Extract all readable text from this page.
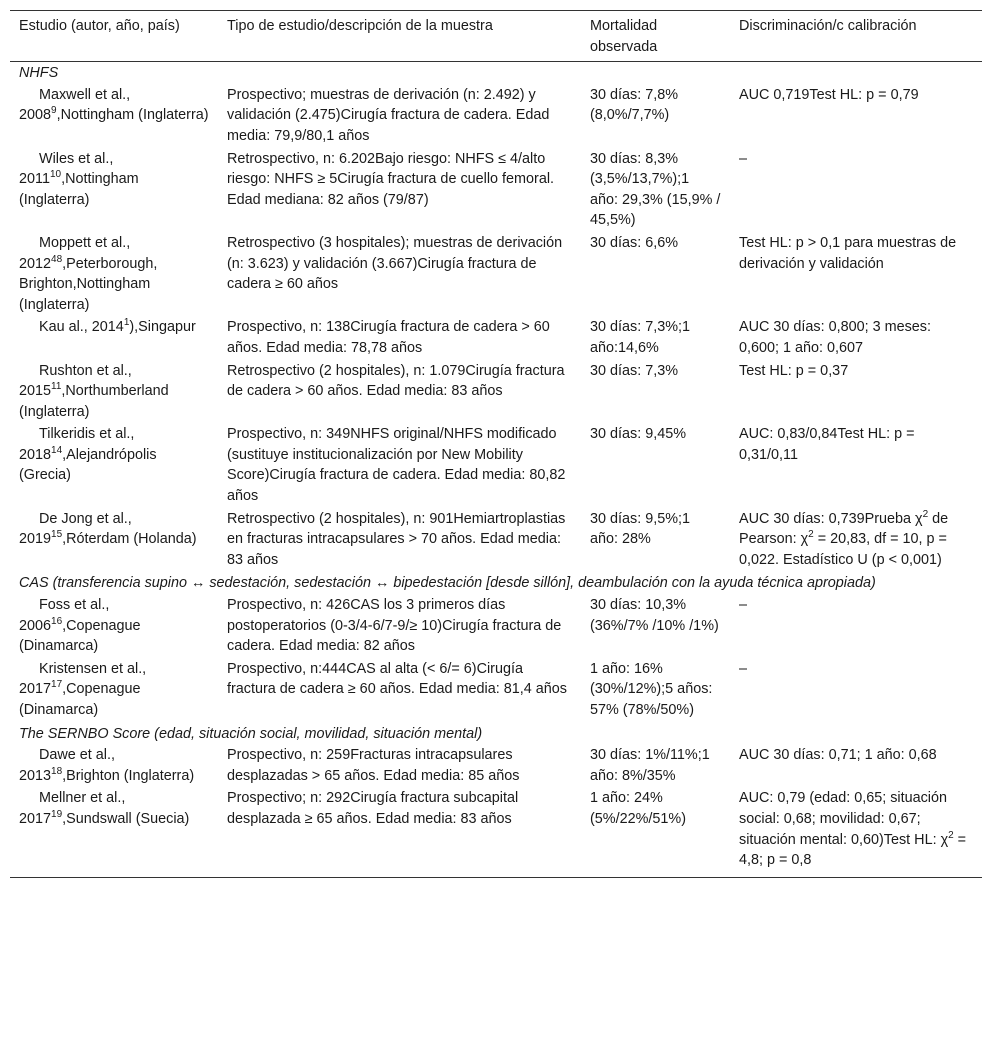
Estudio (autor, año, país)	Tipo de estudio/descripción de la muestra	Mortalidad observada	Discriminación/c calibración
NHFS			
Maxwell et al., 2008$^9$,Nottingham (Inglaterra)	Prospectivo; muestras de derivación (n: 2.492) y validación (2.475)Cirugía fractura de cadera. Edad media: 79,9/80,1 años	30 días: 7,8% (8,0%/7,7%)	AUC 0,719Test HL: p = 0,79
Wiles et al., 2011$^{10}$,Nottingham (Inglaterra)	Retrospectivo, n: 6.202Bajo riesgo: NHFS ≤ 4/alto riesgo: NHFS ≥ 5Cirugía fractura de cuello femoral. Edad mediana: 82 años (79/87)	30 días: 8,3% (3,5%/13,7%);1 año: 29,3% (15,9% / 45,5%)	–
Moppett et al., 2012$^{48}$,Peterborough, Brighton,Nottingham (Inglaterra)	Retrospectivo (3 hospitales); muestras de derivación (n: 3.623) y validación (3.667)Cirugía fractura de cadera ≥ 60 años	30 días: 6,6%	Test HL: p > 0,1 para muestras de derivación y validación
Kau al., 2014$^1$),Singapur	Prospectivo, n: 138Cirugía fractura de cadera > 60 años. Edad media: 78,78 años	30 días: 7,3%;1 año:14,6%	AUC 30 días: 0,800; 3 meses: 0,600; 1 año: 0,607
Rushton et al., 2015$^{11}$,Northumberland (Inglaterra)	Retrospectivo (2 hospitales), n: 1.079Cirugía fractura de cadera > 60 años. Edad media: 83 años	30 días: 7,3%	Test HL: p = 0,37
Tilkeridis et al., 2018$^{14}$,Alejandrópolis (Grecia)	Prospectivo, n: 349NHFS original/NHFS modificado (sustituye institucionalización por New Mobility Score)Cirugía fractura de cadera. Edad media: 80,82 años	30 días: 9,45%	AUC: 0,83/0,84Test HL: p = 0,31/0,11
De Jong et al., 2019$^{15}$,Róterdam (Holanda)	Retrospectivo (2 hospitales), n: 901Hemiartroplastias en fracturas intracapsulares > 70 años. Edad media: 83 años	30 días: 9,5%;1 año: 28%	AUC 30 días: 0,739Prueba $\chi^2$ de Pearson: $\chi^2 = 20,83$, df = 10, p = 0,022. Estadístico U (p < 0,001)
CAS (transferencia supino ↔ sedestación, sedestación ↔ bipedestación [desde sillón], deambulación con la ayuda técnica apropiada)			
Foss et al., 2006$^{16}$,Copenague (Dinamarca)	Prospectivo, n: 426CAS los 3 primeros días postoperatorios (0-3/4-6/7-9/≥ 10)Cirugía fractura de cadera. Edad media: 82 años	30 días: 10,3% (36%/7% /10% /1%)	–
Kristensen et al., 2017$^{17}$,Copenague (Dinamarca)	Prospectivo, n:444CAS al alta (< 6/= 6)Cirugía fractura de cadera ≥ 60 años. Edad media: 81,4 años	1 año: 16% (30%/12%);5 años: 57% (78%/50%)	–
The SERNBO Score (edad, situación social, movilidad, situación mental)			
Dawe et al., 2013$^{18}$,Brighton (Inglaterra)	Prospectivo, n: 259Fracturas intracapsulares desplazadas > 65 años. Edad media: 85 años	30 días: 1%/11%;1 año: 8%/35%	AUC 30 días: 0,71; 1 año: 0,68
Mellner et al., 2017$^{19}$,Sundswall (Suecia)	Prospectivo; n: 292Cirugía fractura subcapital desplazada ≥ 65 años. Edad media: 83 años	1 año: 24% (5%/22%/51%)	AUC: 0,79 (edad: 0,65; situación social: 0,68; movilidad: 0,67; situación mental: 0,60)Test HL: $\chi^2 = 4,8$; p = 0,8
